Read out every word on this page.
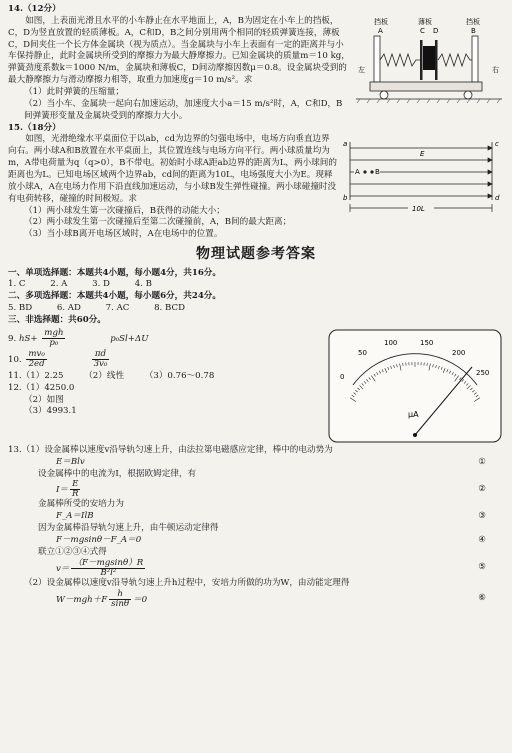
14.（12分）

如图，上表面光滑且水平的小车静止在水平地面上，A，B为固定在小车上的挡板，C，D为竖直放置的轻质薄板。A，C和D，B之间分别用两个相同的轻质弹簧连接，薄板C，D间夹住一个长方体金属块（视为质点）。当金属块与小车上表面有一定的距离并与小车保持静止，此时金属块所受到的摩擦力为最大静摩擦力。已知金属块的质量m＝10 kg，弹簧劲度系数k＝1000 N/m，金属块和薄板C，D间动摩擦因数μ＝0.8。设金属块受到的最大静摩擦力与滑动摩擦力相等，取重力加速度g＝10 m/s²。求

（1）此时弹簧的压缩量；

（2）当小车、金属块一起向右加速运动，加速度大小a＝15 m/s²时，A，C和D，B间弹簧形变量及金属块受到的摩擦力大小。

挡板	薄板	挡板
A	C D	B
左	右

15.（18分）

如图，光滑绝缘水平桌面位于以ab，cd为边界的匀强电场中，电场方向垂直边界向右。两小球A和B放置在水平桌面上，其位置连线与电场方向平行。两小球质量均为m，A带电荷量为q（q>0），B不带电。初始时小球A距ab边界的距离为L，两小球间的距离也为L。已知电场区域两个边界ab，cd间的距离为10L，电场强度大小为E。现释放小球A，A在电场力作用下沿直线加速运动，与小球B发生弹性碰撞。两小球碰撞时没有电荷转移，碰撞的时间极短。求

（1）两小球发生第一次碰撞后，B获得的动能大小；

（2）两小球发生第一次碰撞后至第二次碰撞前，A，B间的最大距离；

a
b
c
d
E
A B
10L

（3）当小球B离开电场区域时，A在电场中的位置。

物理试题参考答案

一、单项选择题：本题共4小题，每小题4分，共16分。

1. C	2. A	3. D	4. B

二、多项选择题：本题共4小题，每小题6分，共24分。

5. BD	6. AD	7. AC	8. BCD

三、非选择题：共60分。

9. $hS+ \frac{\text{mgh}}{\text{p₀}}$	p₀Sl+ΔU

10. $\frac{\text{mv₀}}{2ed}$
	$\frac{\pi d}{\text{3v₀}}$

11.（1）2.25 （2）线性 （3）0.76～0.78

12.（1）4250.0

（2）如图

（3）4993.1

0
50
100	150
200
250
μA

13.（1）设金属棒以速度v沿导轨匀速上升，由法拉第电磁感应定律，棒中的电动势为

E＝Blv	①

设金属棒中的电流为I，根据欧姆定律，有

$I= \frac{E}{R}$	②

金属棒所受的安培力为

F_A＝IlB	③

因为金属棒沿导轨匀速上升，由牛顿运动定律得

F－mgsinθ－F_A＝0	④

联立①②③④式得

$v= \frac{(F-mgsin\theta)R}{\text{B²l²}}$	⑤

（2）设金属棒以速度v沿导轨匀速上升h过程中，安培力所做的功为W，由动能定理得

$W-mgh+F \frac{h}{\sin\theta} =0$	⑥
